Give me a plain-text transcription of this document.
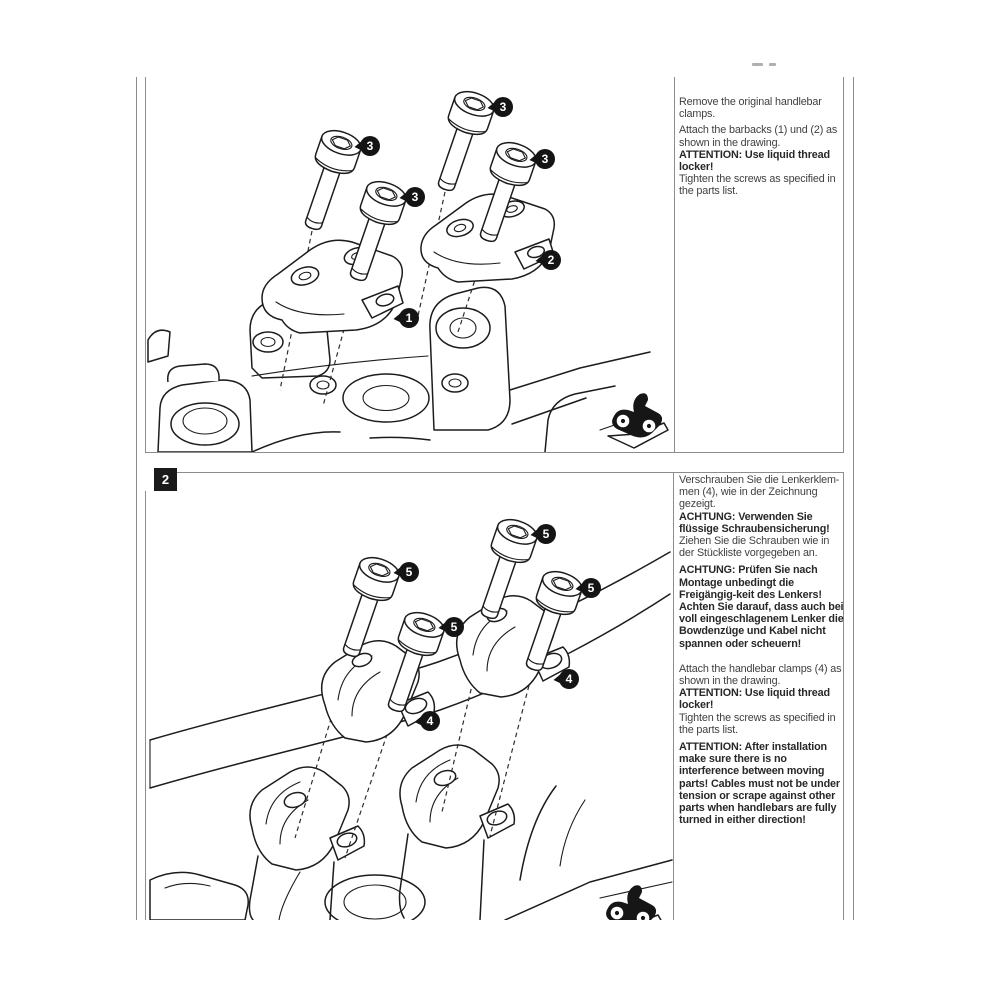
2
3
3
3
3
2
1
5
5
5
5
4
4

Remove the original handlebar clamps.

Attach the barbacks (1) und (2) as shown in the drawing.

ATTENTION: Use liquid thread locker!

Tighten the screws as specified in the parts list.

Verschrauben Sie die Lenkerklem-men (4), wie in der Zeichnung gezeigt.

ACHTUNG: Verwenden Sie flüssige Schraubensicherung!

Ziehen Sie die Schrauben wie in der Stückliste vorgegeben an.

ACHTUNG: Prüfen Sie nach Montage unbedingt die Freigängig-keit des Lenkers! Achten Sie darauf, dass auch bei voll eingeschlagenem Lenker die Bowdenzüge und Kabel nicht spannen oder scheuern!

Attach the handlebar clamps (4) as shown in the drawing.

ATTENTION: Use liquid thread locker!

Tighten the screws as specified in the parts list.

ATTENTION: After installation make sure there is no interference between moving parts! Cables must not be under tension or scrape against other parts when handlebars are fully turned in either direction!
